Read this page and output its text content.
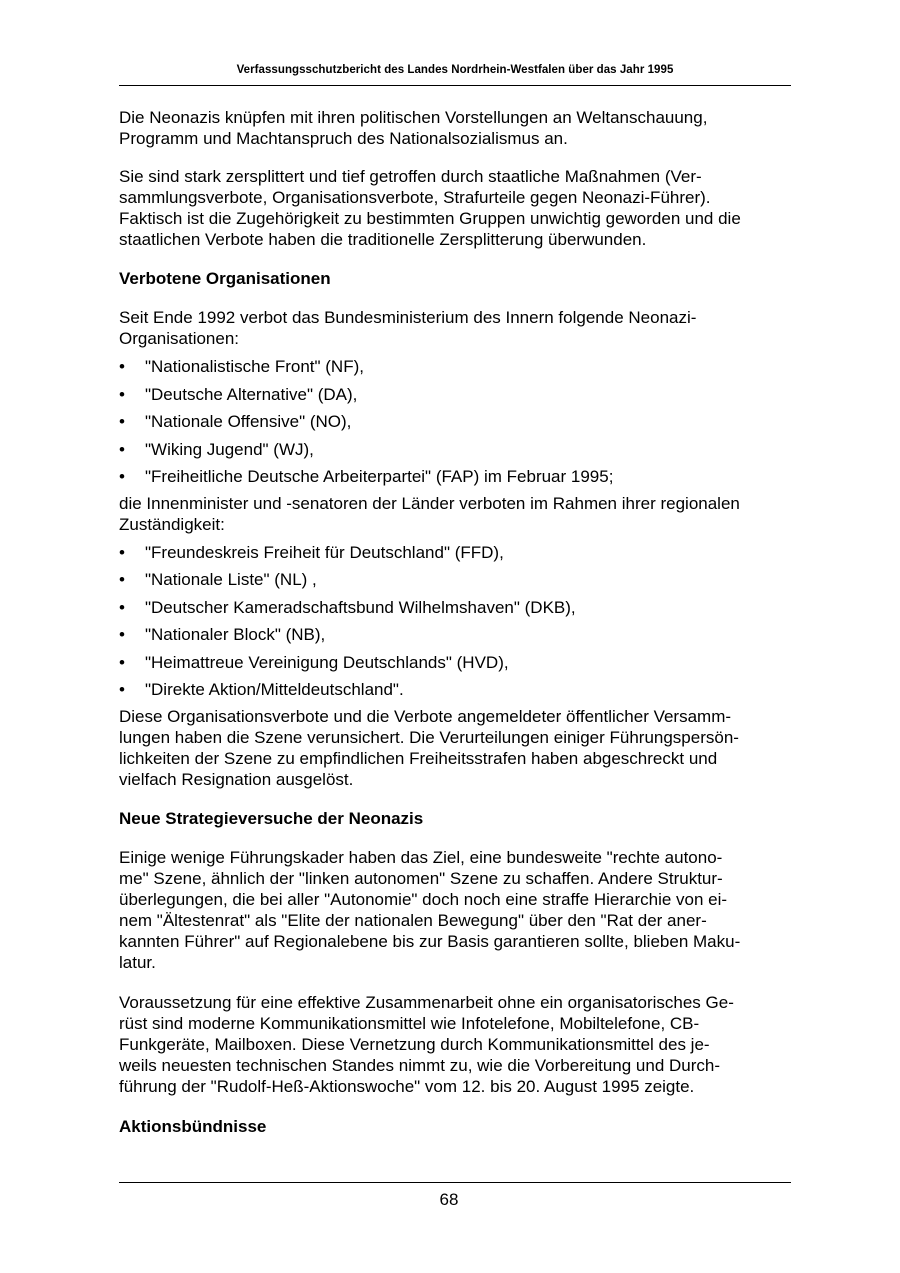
Verfassungsschutzbericht des Landes Nordrhein-Westfalen über das Jahr 1995

Die Neonazis knüpfen mit ihren politischen Vorstellungen an Weltanschauung,
Programm und Machtanspruch des Nationalsozialismus an.

Sie sind stark zersplittert und tief getroffen durch staatliche Maßnahmen (Ver-
sammlungsverbote, Organisationsverbote, Strafurteile gegen Neonazi-Führer).
Faktisch ist die Zugehörigkeit zu bestimmten Gruppen unwichtig geworden und die
staatlichen Verbote haben die traditionelle Zersplitterung überwunden.

Verbotene Organisationen

Seit Ende 1992 verbot das Bundesministerium des Innern folgende Neonazi-
Organisationen:

• "Nationalistische Front" (NF),
• "Deutsche Alternative" (DA),
• "Nationale Offensive" (NO),
• "Wiking Jugend" (WJ),
• "Freiheitliche Deutsche Arbeiterpartei" (FAP) im Februar 1995;

die Innenminister und -senatoren der Länder verboten im Rahmen ihrer regionalen
Zuständigkeit:

• "Freundeskreis Freiheit für Deutschland" (FFD),
• "Nationale Liste" (NL) ,
• "Deutscher Kameradschaftsbund Wilhelmshaven" (DKB),
• "Nationaler Block" (NB),
• "Heimattreue Vereinigung Deutschlands" (HVD),
• "Direkte Aktion/Mitteldeutschland".

Diese Organisationsverbote und die Verbote angemeldeter öffentlicher Versamm-
lungen haben die Szene verunsichert. Die Verurteilungen einiger Führungspersön-
lichkeiten der Szene zu empfindlichen Freiheitsstrafen haben abgeschreckt und
vielfach Resignation ausgelöst.

Neue Strategieversuche der Neonazis

Einige wenige Führungskader haben das Ziel, eine bundesweite "rechte autono-
me" Szene, ähnlich der "linken autonomen" Szene zu schaffen. Andere Struktur-
überlegungen, die bei aller "Autonomie" doch noch eine straffe Hierarchie von ei-
nem "Ältestenrat" als "Elite der nationalen Bewegung" über den "Rat der aner-
kannten Führer" auf Regionalebene bis zur Basis garantieren sollte, blieben Maku-
latur.

Voraussetzung für eine effektive Zusammenarbeit ohne ein organisatorisches Ge-
rüst sind moderne Kommunikationsmittel wie Infotelefone, Mobiltelefone, CB-
Funkgeräte, Mailboxen. Diese Vernetzung durch Kommunikationsmittel des je-
weils neuesten technischen Standes nimmt zu, wie die Vorbereitung und Durch-
führung der "Rudolf-Heß-Aktionswoche" vom 12. bis 20. August 1995 zeigte.

Aktionsbündnisse

68
